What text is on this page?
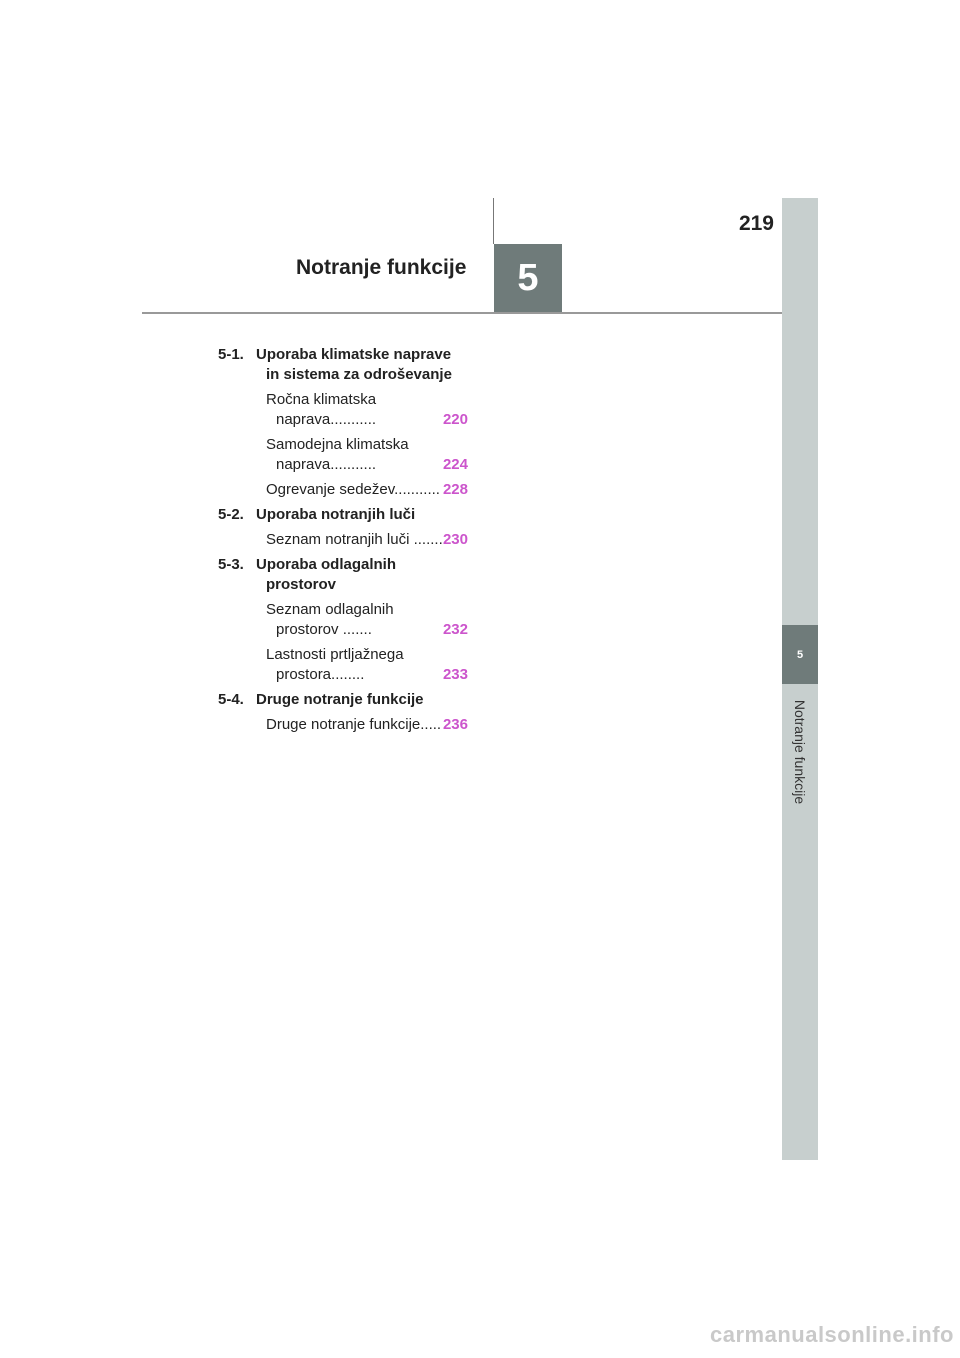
219
Notranje funkcije	5
5
Notranje funkcije
5-1. Uporaba klimatske naprave in sistema za odroševanje
Ročna klimatska naprava...........	220
Samodejna klimatska naprava...........	224
Ogrevanje sedežev........... 228
5-2. Uporaba notranjih luči
Seznam notranjih luči ....... 230
5-3. Uporaba odlagalnih prostorov
Seznam odlagalnih prostorov .......	232
Lastnosti prtljažnega prostora........	233
5-4. Druge notranje funkcije
Druge notranje funkcije..... 236
carmanualsonline.info
